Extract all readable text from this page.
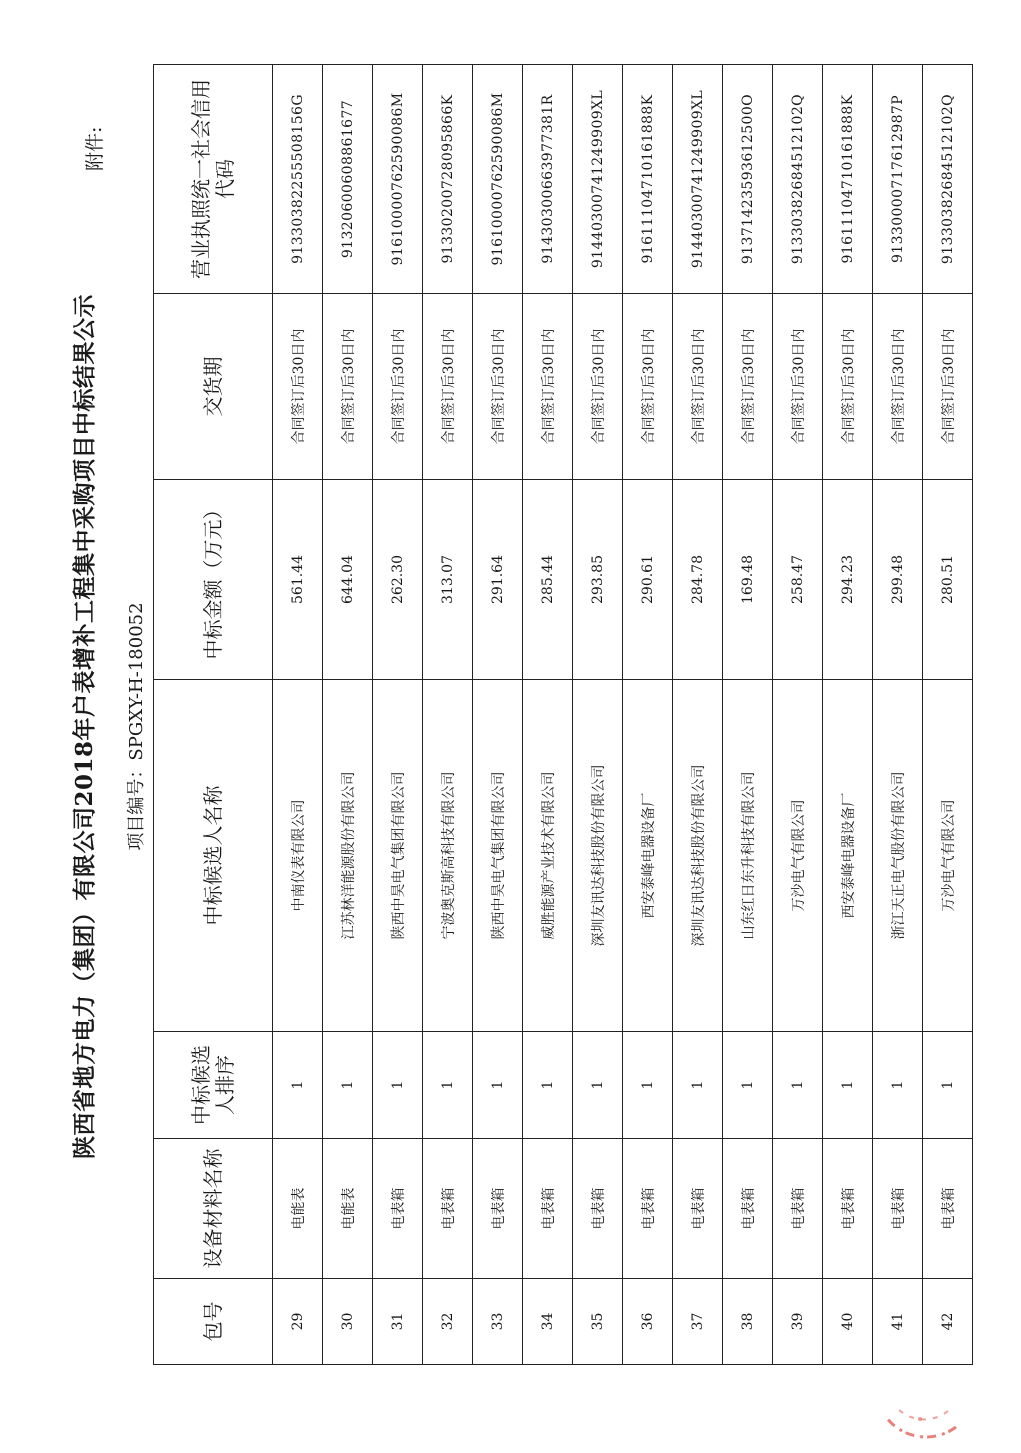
附件:
陕西省地方电力（集团）有限公司2018年户表增补工程集中采购项目中标结果公示 项目编号：SPGXY-H-180052
包号	设备材料名称	中标候选人排序	中标候选人名称	中标金额（万元）	交货期	营业执照统一社会信用代码
29	电能表	1	中南仪表有限公司	561.44	合同签订后30日内	91330382255508156G
30	电能表	1	江苏林洋能源股份有限公司	644.04	合同签订后30日内	91320600608861677
31	电表箱	1	陕西中昊电气集团有限公司	262.30	合同签订后30日内	91610000762590086M
32	电表箱	1	宁波奥克斯高科技有限公司	313.07	合同签订后30日内	91330200728095866K
33	电表箱	1	陕西中昊电气集团有限公司	291.64	合同签订后30日内	91610000762590086M
34	电表箱	1	威胜能源产业技术有限公司	285.44	合同签订后30日内	91430300663977381R
35	电表箱	1	深圳友讯达科技股份有限公司	293.85	合同签订后30日内	91440300741249909XL
36	电表箱	1	西安泰峰电器设备厂	290.61	合同签订后30日内	91611104710161888K
37	电表箱	1	深圳友讯达科技股份有限公司	284.78	合同签订后30日内	91440300741249909XL
38	电表箱	1	山东红日东升科技有限公司	169.48	合同签订后30日内	91371423593612500O
39	电表箱	1	万沙电气有限公司	258.47	合同签订后30日内	91330382684512102Q
40	电表箱	1	西安泰峰电器设备厂	294.23	合同签订后30日内	91611104710161888K
41	电表箱	1	浙江天正电气股份有限公司	299.48	合同签订后30日内	91330000717612987P
42	电表箱	1	万沙电气有限公司	280.51	合同签订后30日内	91330382684512102Q
